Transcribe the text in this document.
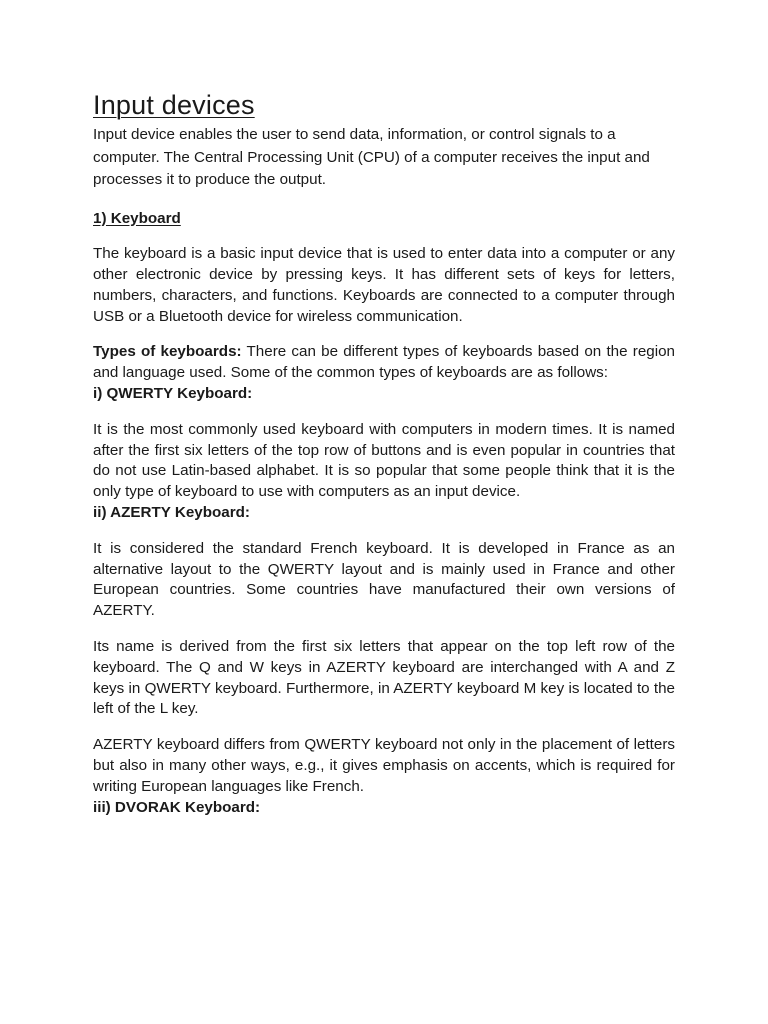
Input devices

Input device enables the user to send data, information, or control signals to a computer. The Central Processing Unit (CPU) of a computer receives the input and processes it to produce the output.

1) Keyboard

The keyboard is a basic input device that is used to enter data into a computer or any other electronic device by pressing keys. It has different sets of keys for letters, numbers, characters, and functions. Keyboards are connected to a computer through USB or a Bluetooth device for wireless communication.

Types of keyboards: There can be different types of keyboards based on the region and language used. Some of the common types of keyboards are as follows:

i) QWERTY Keyboard:

It is the most commonly used keyboard with computers in modern times. It is named after the first six letters of the top row of buttons and is even popular in countries that do not use Latin-based alphabet. It is so popular that some people think that it is the only type of keyboard to use with computers as an input device.

ii) AZERTY Keyboard:

It is considered the standard French keyboard. It is developed in France as an alternative layout to the QWERTY layout and is mainly used in France and other European countries. Some countries have manufactured their own versions of AZERTY.

Its name is derived from the first six letters that appear on the top left row of the keyboard. The Q and W keys in AZERTY keyboard are interchanged with A and Z keys in QWERTY keyboard. Furthermore, in AZERTY keyboard M key is located to the left of the L key.

AZERTY keyboard differs from QWERTY keyboard not only in the placement of letters but also in many other ways, e.g., it gives emphasis on accents, which is required for writing European languages like French.

iii) DVORAK Keyboard:
